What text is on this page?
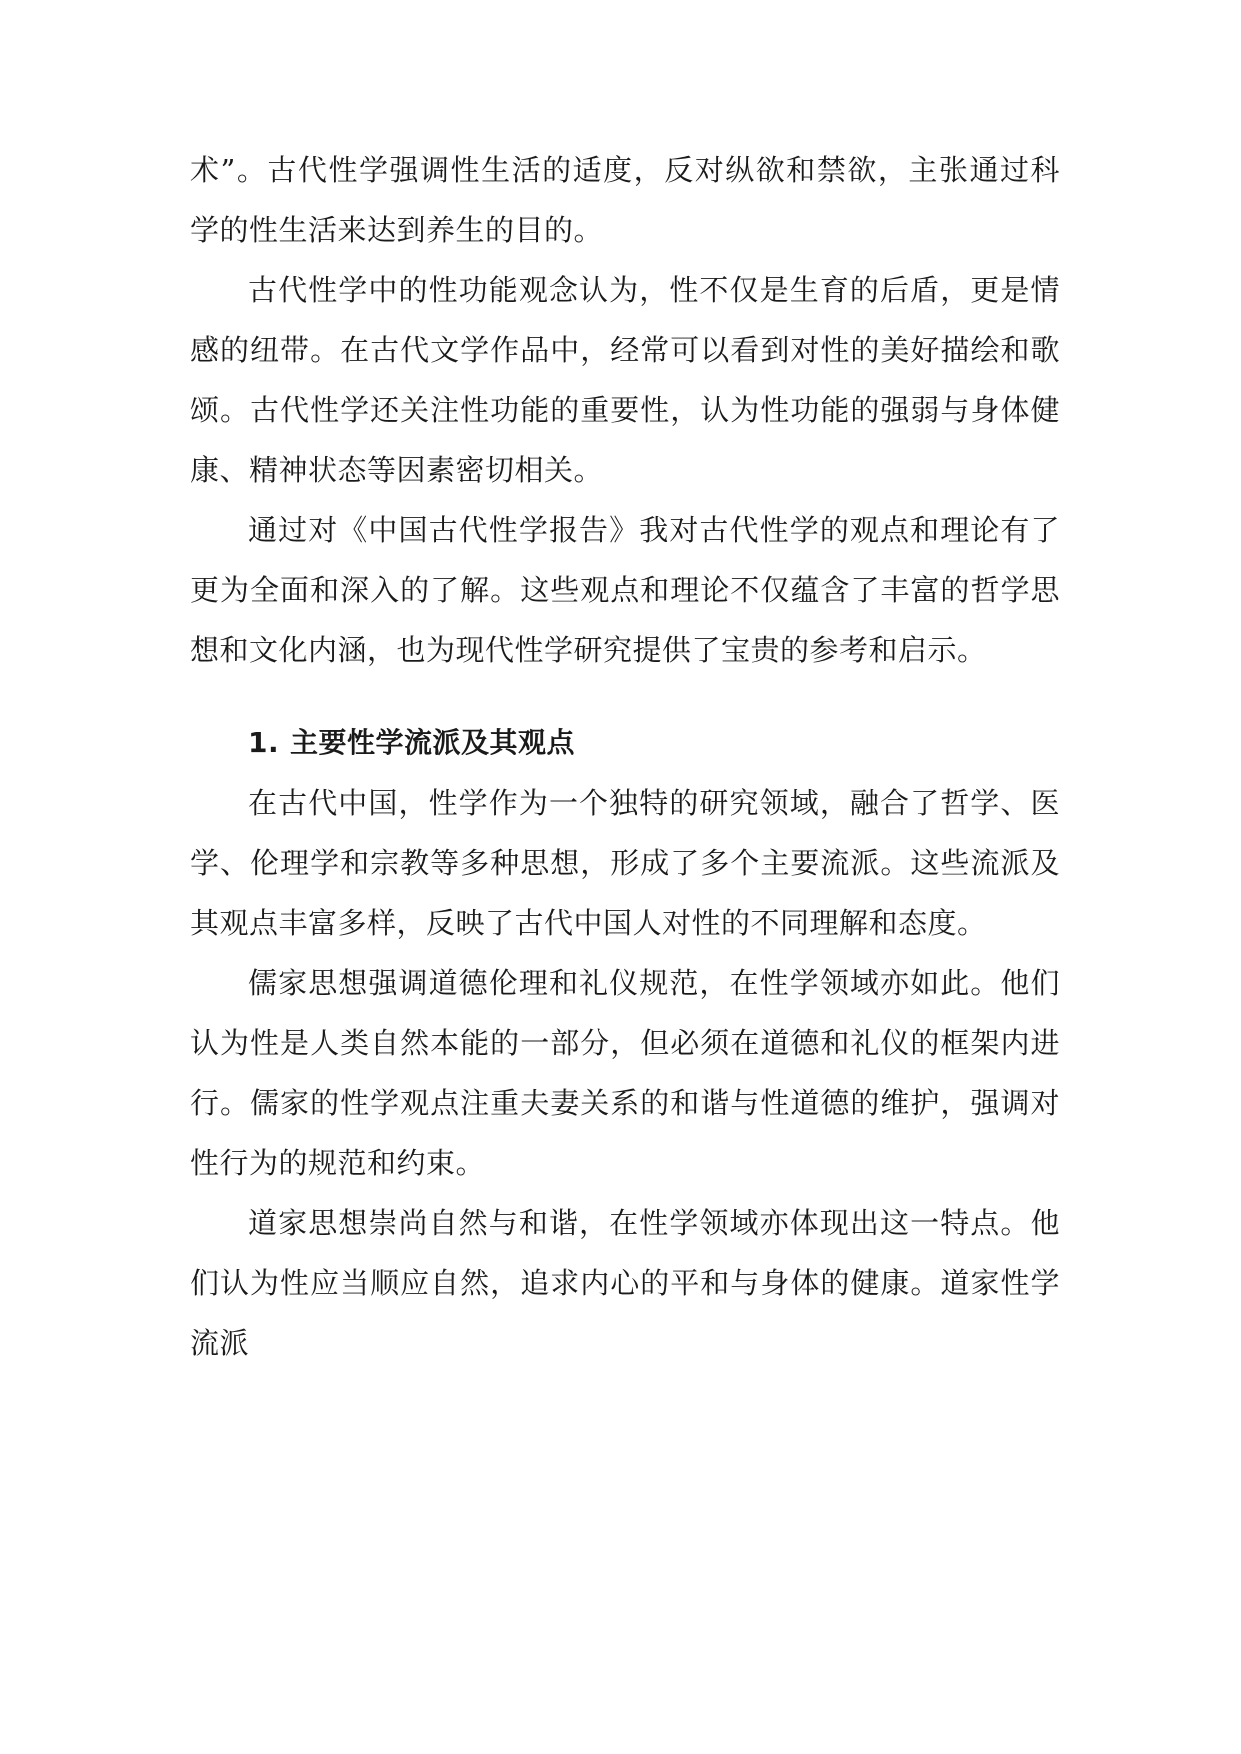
术”。古代性学强调性生活的适度，反对纵欲和禁欲，主张通过科学的性生活来达到养生的目的。

古代性学中的性功能观念认为，性不仅是生育的后盾，更是情感的纽带。在古代文学作品中，经常可以看到对性的美好描绘和歌颂。古代性学还关注性功能的重要性，认为性功能的强弱与身体健康、精神状态等因素密切相关。

通过对《中国古代性学报告》我对古代性学的观点和理论有了更为全面和深入的了解。这些观点和理论不仅蕴含了丰富的哲学思想和文化内涵，也为现代性学研究提供了宝贵的参考和启示。

1. 主要性学流派及其观点

在古代中国，性学作为一个独特的研究领域，融合了哲学、医学、伦理学和宗教等多种思想，形成了多个主要流派。这些流派及其观点丰富多样，反映了古代中国人对性的不同理解和态度。

儒家思想强调道德伦理和礼仪规范，在性学领域亦如此。他们认为性是人类自然本能的一部分，但必须在道德和礼仪的框架内进行。儒家的性学观点注重夫妻关系的和谐与性道德的维护，强调对性行为的规范和约束。

道家思想崇尚自然与和谐，在性学领域亦体现出这一特点。他们认为性应当顺应自然，追求内心的平和与身体的健康。道家性学流派
